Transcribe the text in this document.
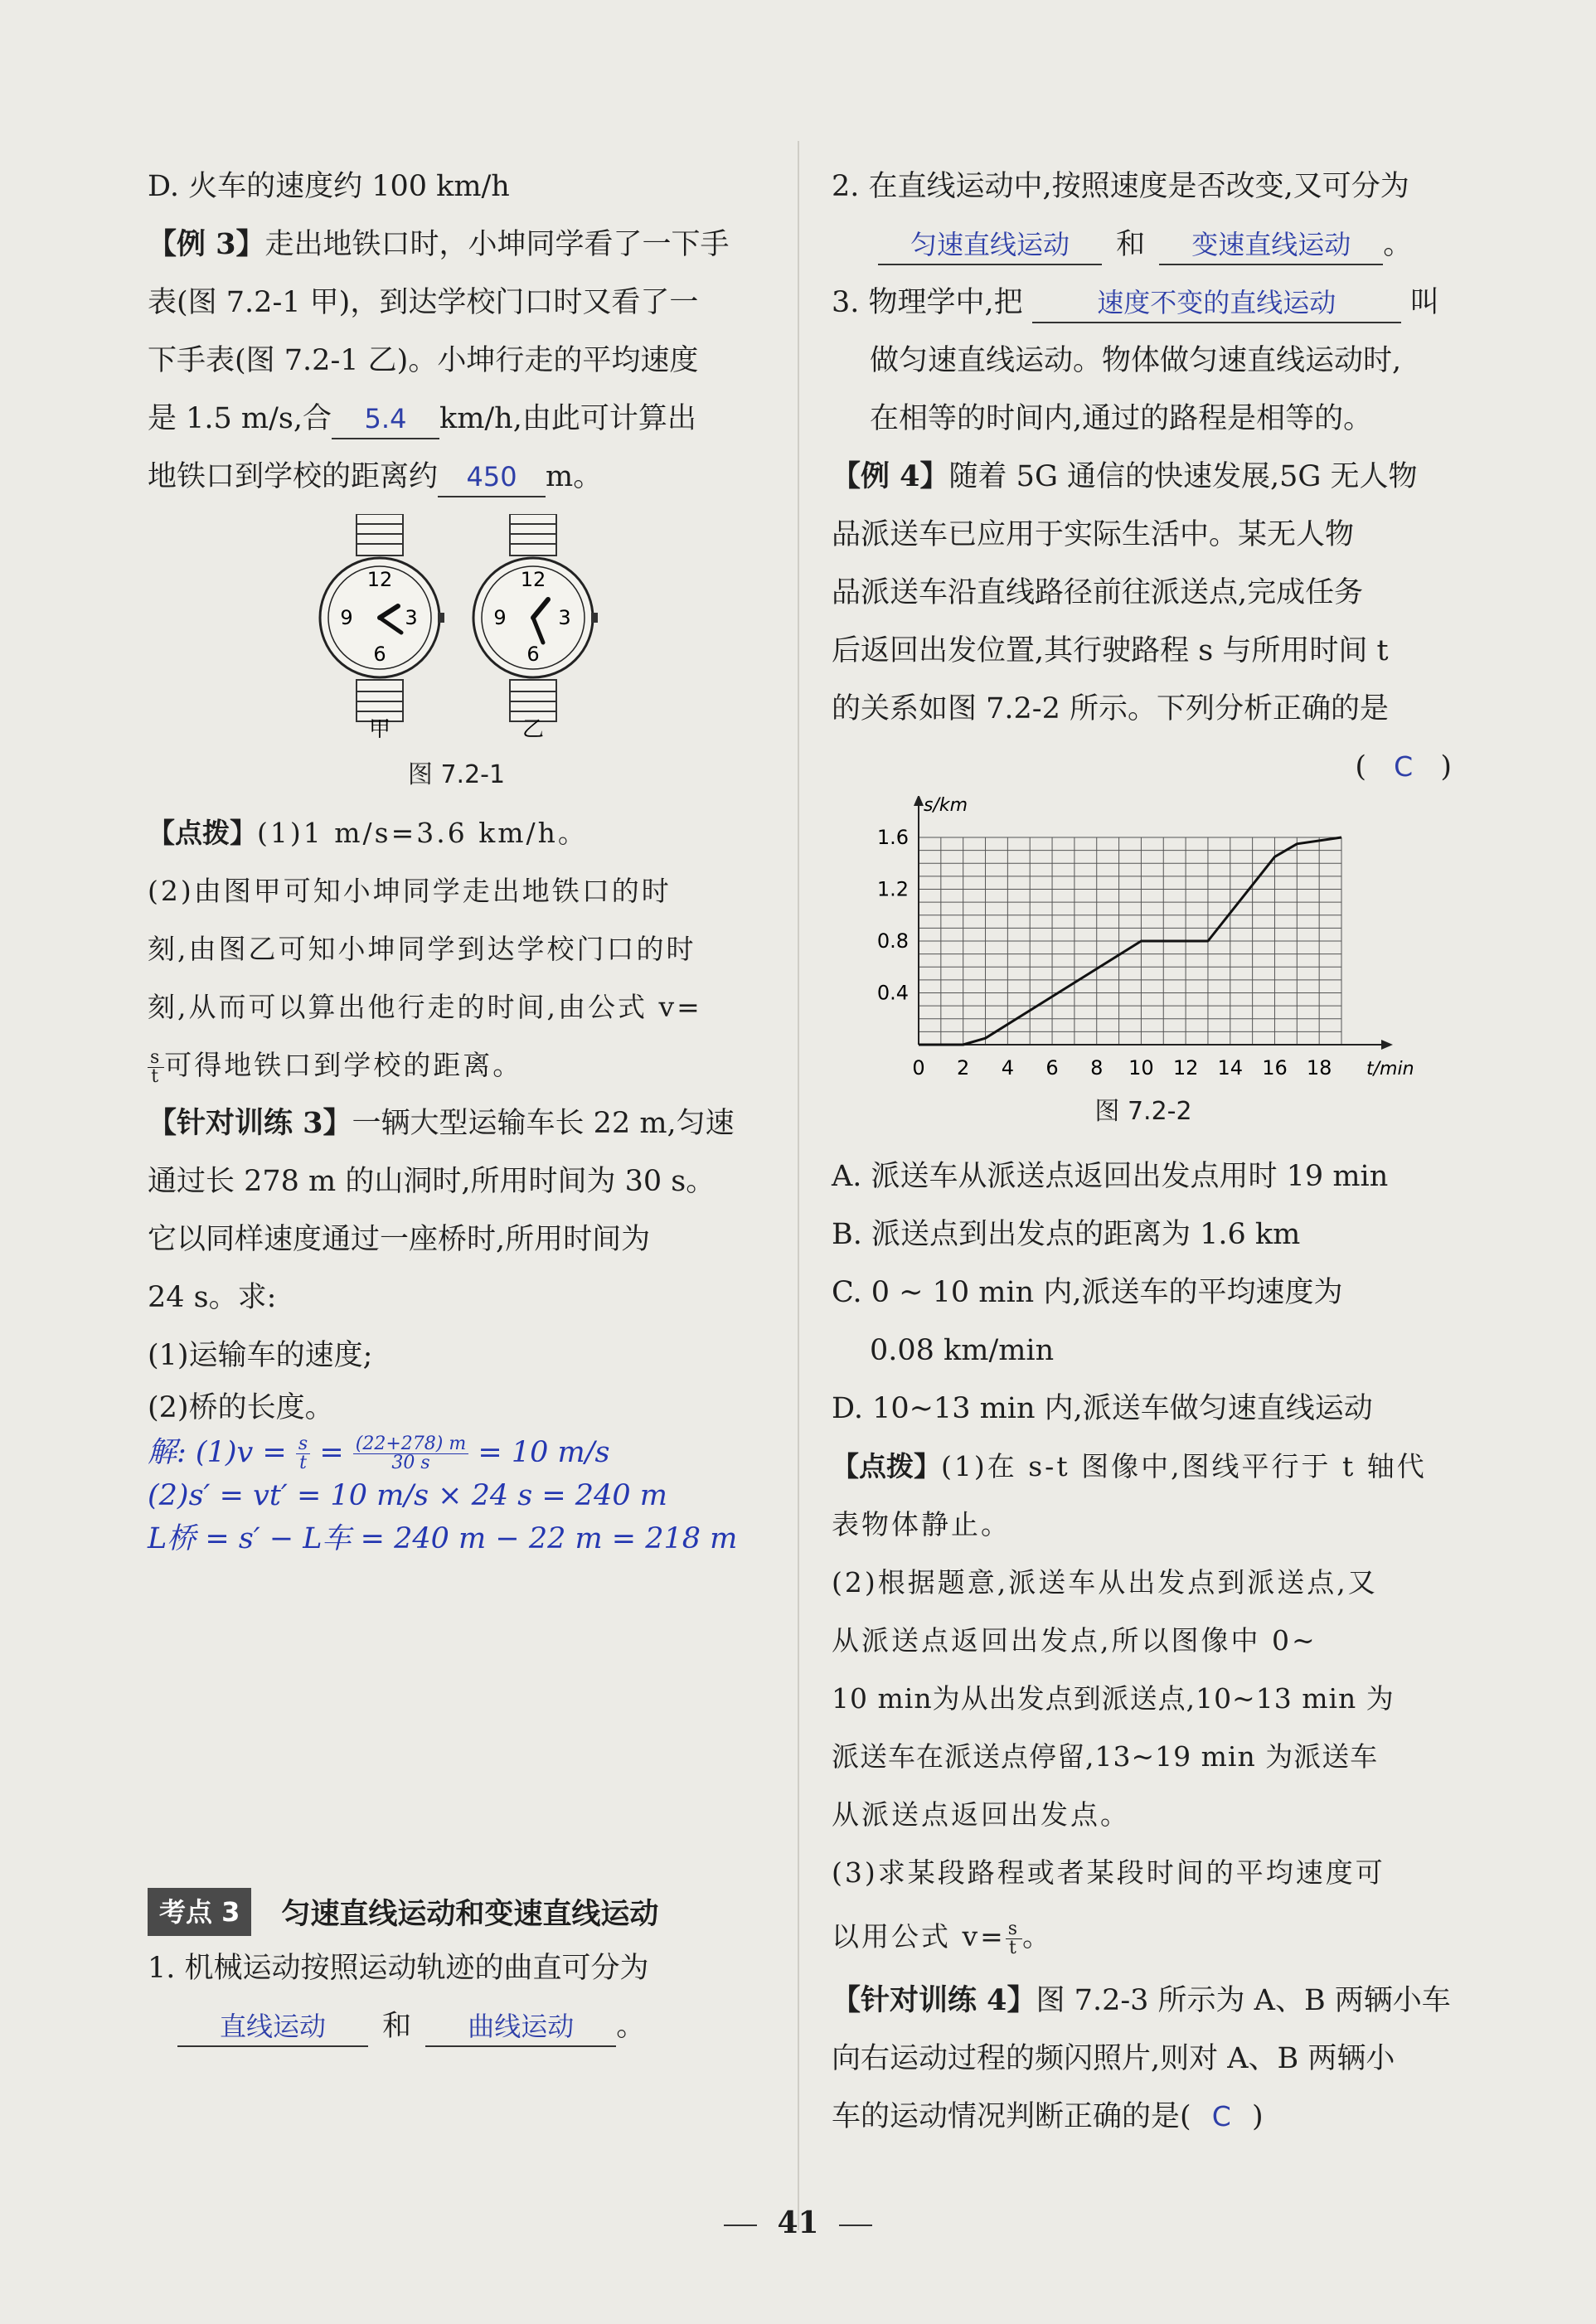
D. 火车的速度约 100 km/h

【例 3】走出地铁口时，小坤同学看了一下手

表(图 7.2-1 甲)，到达学校门口时又看了一

下手表(图 7.2-1 乙)。小坤行走的平均速度

是 1.5 m/s,合 5.4 km/h,由此可计算出

地铁口到学校的距离约 450 m。

12
3
6
9
12
3
6
9
甲	乙
图 7.2-1

【点拨】(1)1 m/s=3.6 km/h。

(2)由图甲可知小坤同学走出地铁口的时

刻,由图乙可知小坤同学到达学校门口的时

刻,从而可以算出他行走的时间,由公式 v=

$\frac{s}{t}$ 可得地铁口到学校的距离。

【针对训练 3】一辆大型运输车长 22 m,匀速

通过长 278 m 的山洞时,所用时间为 30 s。

它以同样速度通过一座桥时,所用时间为

24 s。求:

(1)运输车的速度;

(2)桥的长度。

解: $(1)v = \frac{s}{t} = \frac{(22+278) m}{30 s} = 10$ m/s
(2)s′ = vt′ = 10 m/s × 24 s = 240 m
L桥 = s′ − L车 = 240 m − 22 m = 218 m
考点 3	匀速直线运动和变速直线运动

1. 机械运动按照运动轨迹的曲直可分为

直线运动 和 曲线运动 。

2. 在直线运动中,按照速度是否改变,又可分为

匀速直线运动 和 变速直线运动 。

3. 物理学中,把	速度不变的直线运动	叫

做匀速直线运动。物体做匀速直线运动时,

在相等的时间内,通过的路程是相等的。

【例 4】随着 5G 通信的快速发展,5G 无人物

品派送车已应用于实际生活中。某无人物

品派送车沿直线路径前往派送点,完成任务

后返回出发位置,其行驶路程 s 与所用时间 t

的关系如图 7.2-2 所示。下列分析正确的是

( C )

s/km
t/min
0 2 4 6 8 10 12 14 16 18
0.4
0.8
1.2
1.6
图 7.2-2

A. 派送车从派送点返回出发点用时 19 min

B. 派送点到出发点的距离为 1.6 km

C. 0 ~ 10 min 内,派送车的平均速度为

0.08 km/min

D. 10~13 min 内,派送车做匀速直线运动

【点拨】(1)在 s-t 图像中,图线平行于 t 轴代

表物体静止。

(2)根据题意,派送车从出发点到派送点,又

从派送点返回出发点,所以图像中 0~

10 min为从出发点到派送点,10~13 min 为

派送车在派送点停留,13~19 min 为派送车

从派送点返回出发点。

(3)求某段路程或者某段时间的平均速度可

以用公式 $v= \frac{s}{t}$ 。

【针对训练 4】图 7.2-3 所示为 A、B 两辆小车

向右运动过程的频闪照片,则对 A、B 两辆小

车的运动情况判断正确的是( C )

41
